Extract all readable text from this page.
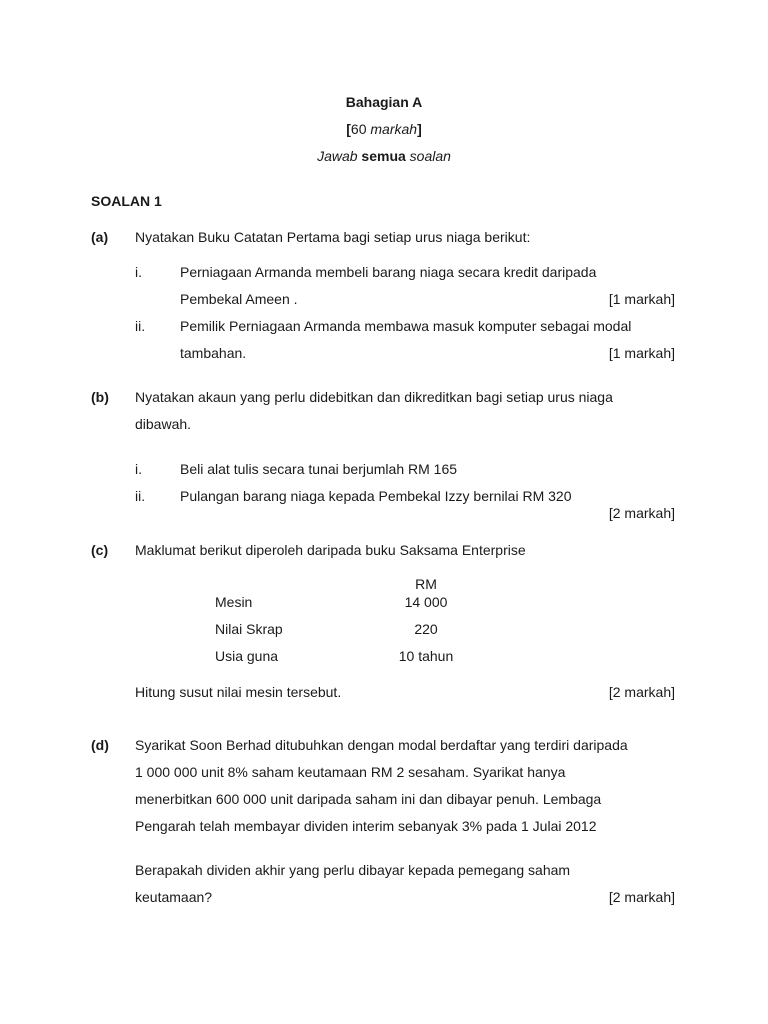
Bahagian A
[60 markah]
Jawab semua soalan
SOALAN 1
(a) Nyatakan Buku Catatan Pertama bagi setiap urus niaga berikut:
i.	Perniagaan Armanda membeli barang niaga secara kredit daripada
Pembekal Ameen .	[1 markah]
ii. Pemilik Perniagaan Armanda membawa masuk komputer sebagai modal
tambahan.	[1 markah]
(b) Nyatakan akaun yang perlu didebitkan dan dikreditkan bagi setiap urus niaga
dibawah.
i.	Beli alat tulis secara tunai berjumlah RM 165
ii. Pulangan barang niaga kepada Pembekal Izzy bernilai RM 320
[2 markah]
(c) Maklumat berikut diperoleh daripada buku Saksama Enterprise
RM
Mesin	14 000
Nilai Skrap	220
Usia guna	10 tahun
Hitung susut nilai mesin tersebut.	[2 markah]
(d) Syarikat Soon Berhad ditubuhkan dengan modal berdaftar yang terdiri daripada
1 000 000 unit 8% saham keutamaan RM 2 sesaham. Syarikat hanya
menerbitkan 600 000 unit daripada saham ini dan dibayar penuh. Lembaga
Pengarah telah membayar dividen interim sebanyak 3% pada 1 Julai 2012
Berapakah dividen akhir yang perlu dibayar kepada pemegang saham
keutamaan?	[2 markah]
